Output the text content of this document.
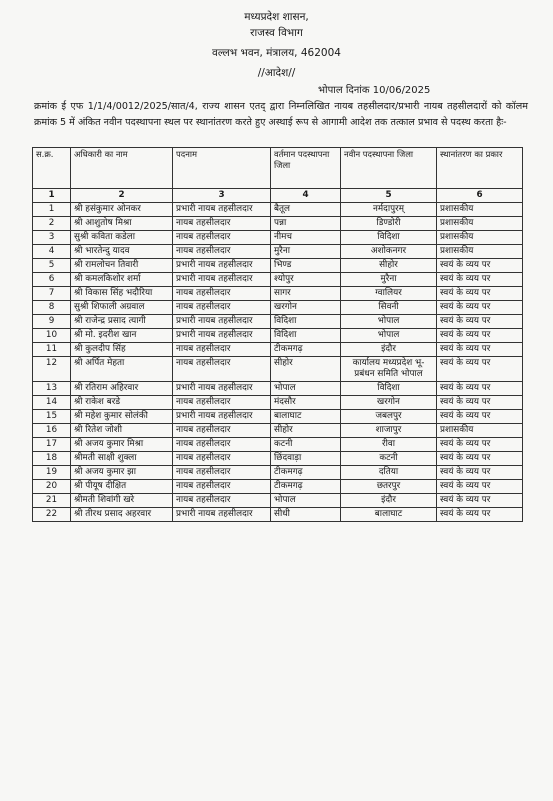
मध्यप्रदेश शासन,
राजस्व विभाग
वल्लभ भवन, मंत्रालय, 462004
//आदेश//
भोपाल दिनांक 10/06/2025
क्रमांक ई एफ 1/1/4/0012/2025/सात/4, राज्य शासन एतद् द्वारा निम्नलिखित नायब तहसीलदार/प्रभारी नायब तहसीलदारों को कॉलम क्रमांक 5 में अंकित नवीन पदस्थापना स्थल पर स्थानांतरण करते हुए अस्थाई रूप से आगामी आदेश तक तत्काल प्रभाव से पदस्थ करता हैः-
स.क्र.	अधिकारी का नाम	पदनाम	वर्तमान पदस्थापना जिला	नवीन पदस्थापना जिला	स्थानांतरण का प्रकार
1	2	3	4	5	6
1	श्री हसंकुमार ओनकर	प्रभारी नायब तहसीलदार	बैतूल	नर्मदापुरम्	प्रशासकीय
2	श्री आशुतोष मिश्रा	नायब तहसीलदार	पन्ना	डिण्डोरी	प्रशासकीय
3	सुश्री कविता कडेला	नायब तहसीलदार	नीमच	विदिशा	प्रशासकीय
4	श्री भारतेन्दु यादव	नायब तहसीलदार	मुरैना	अशोकनगर	प्रशासकीय
5	श्री रामलोचन तिवारी	प्रभारी नायब तहसीलदार	भिण्ड	सीहोर	स्वयं के व्यय पर
6	श्री कमलकिशोर शर्मा	प्रभारी नायब तहसीलदार	श्योपुर	मुरैना	स्वयं के व्यय पर
7	श्री विकास सिंह भदौरिया	नायब तहसीलदार	सागर	ग्वालियर	स्वयं के व्यय पर
8	सुश्री शिफाली अग्रवाल	नायब तहसीलदार	खरगोन	सिवनी	स्वयं के व्यय पर
9	श्री राजेन्द्र प्रसाद त्यागी	प्रभारी नायब तहसीलदार	विदिशा	भोपाल	स्वयं के व्यय पर
10	श्री मो. इदरीश खान	प्रभारी नायब तहसीलदार	विदिशा	भोपाल	स्वयं के व्यय पर
11	श्री कुलदीप सिंह	नायब तहसीलदार	टीकमगढ़	इंदौर	स्वयं के व्यय पर
12	श्री अर्पित मेहता	नायब तहसीलदार	सीहोर	कार्यालय मध्यप्रदेश भू-प्रबंधन समिति भोपाल	स्वयं के व्यय पर
13	श्री रतिराम अहिरवार	प्रभारी नायब तहसीलदार	भोपाल	विदिशा	स्वयं के व्यय पर
14	श्री राकेश बरडे	नायब तहसीलदार	मंदसौर	खरगोन	स्वयं के व्यय पर
15	श्री महेश कुमार सोलंकी	प्रभारी नायब तहसीलदार	बालाघाट	जबलपुर	स्वयं के व्यय पर
16	श्री रितेश जोशी	नायब तहसीलदार	सीहोर	शाजापुर	प्रशासकीय
17	श्री अजय कुमार मिश्रा	नायब तहसीलदार	कटनी	रीवा	स्वयं के व्यय पर
18	श्रीमती साक्षी शुक्ला	नायब तहसीलदार	छिंदवाड़ा	कटनी	स्वयं के व्यय पर
19	श्री अजय कुमार झा	नायब तहसीलदार	टीकमगढ़	दतिया	स्वयं के व्यय पर
20	श्री पीयूष दीक्षित	नायब तहसीलदार	टीकमगढ़	छतरपुर	स्वयं के व्यय पर
21	श्रीमती शिवांगी खरे	नायब तहसीलदार	भोपाल	इंदौर	स्वयं के व्यय पर
22	श्री तीरथ प्रसाद अहरवार	प्रभारी नायब तहसीलदार	सीधी	बालाघाट	स्वयं के व्यय पर
